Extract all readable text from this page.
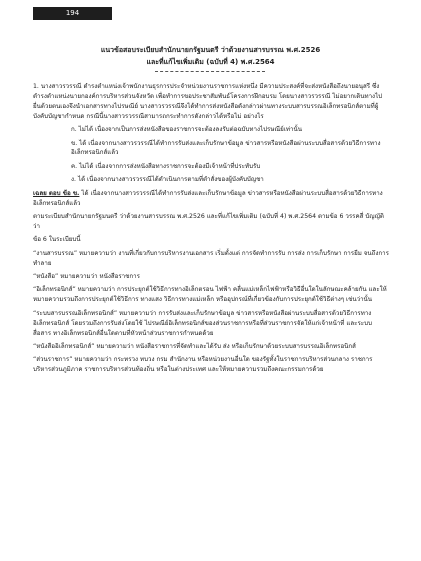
194
แนวข้อสอบระเบียบสำนักนายกรัฐมนตรี ว่าด้วยงานสารบรรณ พ.ศ.2526
และที่แก้ไขเพิ่มเติม (ฉบับที่ 4) พ.ศ.2564

1. นางสาวรวรรณี ดำรงตำแหน่งเจ้าพนักงานธุรการประจำหน่วยงานราชการแห่งหนึ่ง มีความประสงค์ที่จะส่งหนังสือถึงนายอนุสรี ซึ่งดำรงตำแหน่งนายกองค์การบริหารส่วนจังหวัด เพื่อทำการขอประชาสัมพันธ์โครงการฝึกอบรม โดยนางสาวรวรรณี ไม่อยากเดินทางไปยื่นด้วยตนเองจึงนำเอกสารทางไปรษณีย์ นางสาวรวรรณีจึงได้ทำการส่งหนังสือดังกล่าวผ่านทางระบบสารบรรณอิเล็กทรอนิกส์ตามที่ผู้บังคับบัญชากำหนด กรณีนี้นางสาวรวรรณีสามารถกระทำการดังกล่าวได้หรือไม่ อย่างไร

ก. ไม่ได้ เนื่องจากเป็นการส่งหนังสือของราชการจะต้องลงรับต่อฉบับทางไปรษณีย์เท่านั้น

ข. ได้ เนื่องจากนางสาวรวรรณีได้ทำการรับส่งและเก็บรักษาข้อมูล ข่าวสารหรือหนังสือผ่านระบบสื่อสารด้วยวิธีการทางอิเล็กทรอนิกส์แล้ว

ค. ไม่ได้ เนื่องจากการส่งหนังสือทางราชการจะต้องมีเจ้าหน้าที่ประทับรับ

ง. ได้ เนื่องจากนางสาวรวรรณีได้ดำเนินการตามที่ตำสั่งของผู้บังคับบัญชา

เฉลย ตอบ ข้อ ข. ได้ เนื่องจากนางสาวรวรรณีได้ทำการรับส่งและเก็บรักษาข้อมูล ข่าวสารหรือหนังสือผ่านระบบสื่อสารด้วยวิธีการทางอิเล็กทรอนิกส์แล้ว

ตามระเบียบสำนักนายกรัฐมนตรี ว่าด้วยงานสารบรรณ พ.ศ.2526 และที่แก้ไขเพิ่มเติม (ฉบับที่ 4) พ.ศ.2564 ตามข้อ 6 วรรคสี่ บัญญัติว่า

ข้อ 6 ในระเบียบนี้

“งานสารบรรณ” หมายความว่า งานที่เกี่ยวกับการบริหารงานเอกสาร เริ่มตั้งแต่ การจัดทำการรับ การส่ง การเก็บรักษา การยืม จนถึงการทำลาย

“หนังสือ” หมายความว่า หนังสือราชการ

“อิเล็กทรอนิกส์” หมายความว่า การประยุกต์ใช้วิธีการทางอิเล็กตรอน ไฟฟ้า คลื่นแม่เหล็กไฟฟ้าหรือวิธีอื่นใดในลักษณะคล้ายกัน และให้หมายความรวมถึงการประยุกต์ใช้วิธีการ ทางแสง วิธีการทางแม่เหล็ก หรืออุปกรณ์ที่เกี่ยวข้องกับการประยุกต์ใช้วิธีต่างๆ เช่นว่านั้น

“ระบบสารบรรณอิเล็กทรอนิกส์” หมายความว่า การรับส่งและเก็บรักษาข้อมูล ข่าวสารหรือหนังสือผ่านระบบสื่อสารด้วยวิธีการทางอิเล็กทรอนิกส์ โดยรวมถึงการรับส่งโดยใช้ ไปรษณีย์อิเล็กทรอนิกส์ของส่วนราชการหรือที่ส่วนราชการจัดให้แก่เจ้าหน้าที่ และระบบสื่อสาร ทางอิเล็กทรอนิกส์อื่นใดตามที่หัวหน้าส่วนราชการกำหนดด้วย

“หนังสืออิเล็กทรอนิกส์” หมายความว่า หนังสือราชการที่จัดทำและได้รับ ส่ง หรือเก็บรักษาด้วยระบบสารบรรณอิเล็กทรอนิกส์

“ส่วนราชการ” หมายความว่า กระทรวง ทบวง กรม สำนักงาน หรือหน่วยงานอื่นใด ของรัฐทั้งในราชการบริหารส่วนกลาง ราชการบริหารส่วนภูมิภาค ราชการบริหารส่วนท้องถิ่น หรือในต่างประเทศ และให้หมายความรวมถึงคณะกรรมการด้วย
